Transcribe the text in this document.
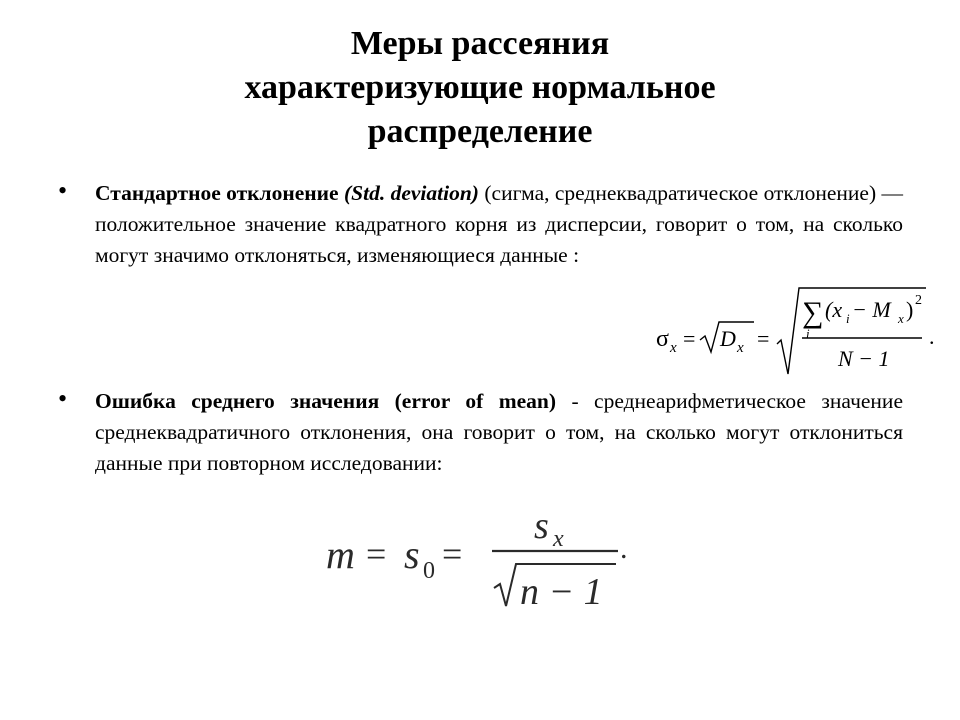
Меры рассеяния
характеризующие нормальное
распределение
• Стандартное отклонение (Std. deviation) (сигма, среднеквадратическое отклонение) — положительное значение квадратного корня из дисперсии, говорит о том, на сколько могут значимо отклоняться, изменяющиеся данные :
σ x = D x =
∑
i
(x i − M x ) 2
N − 1
.
• Ошибка среднего значения (error of mean) - среднеарифметическое значение среднеквадратичного отклонения, она говорит о том, на сколько могут отклониться данные при повторном исследовании:
m = s 0 =
s x
n − 1
.
